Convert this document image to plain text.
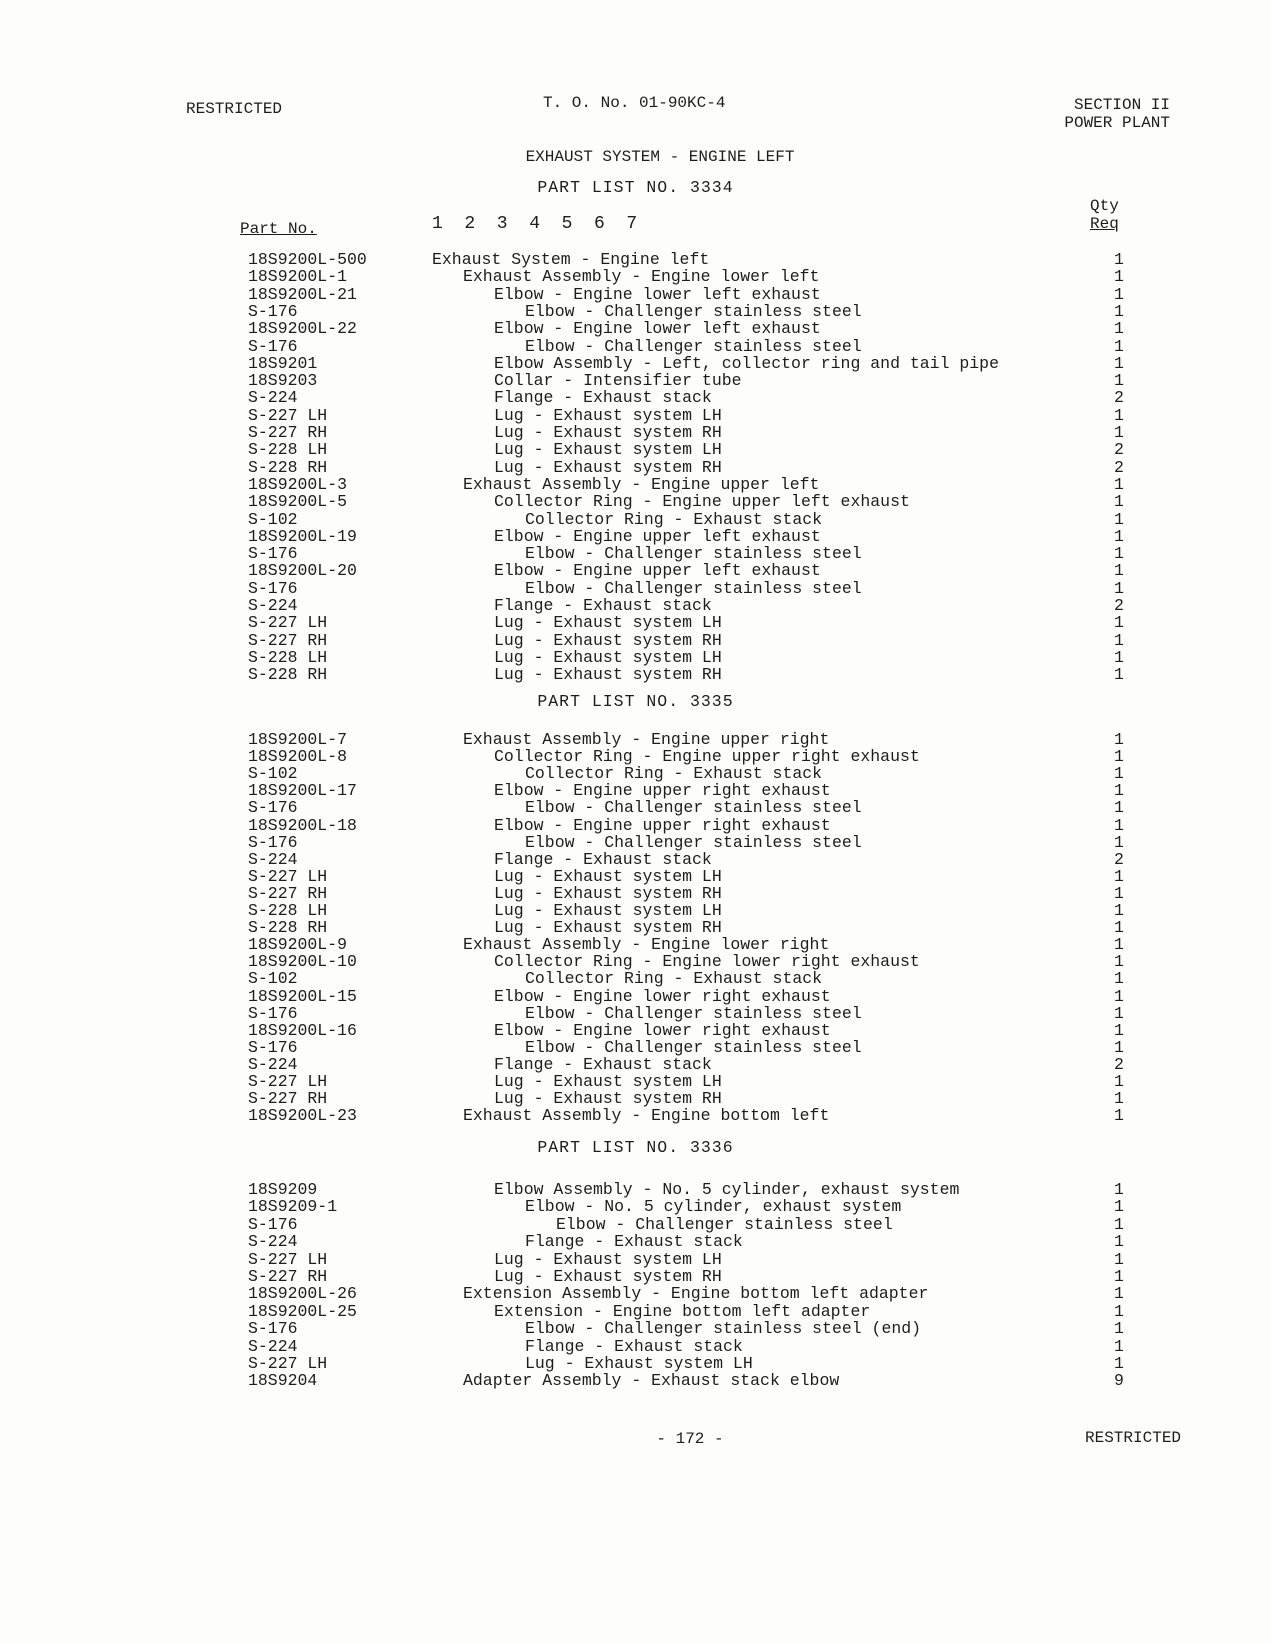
RESTRICTED	T. O. No. 01-90KC-4	SECTION II
POWER PLANT
EXHAUST SYSTEM - ENGINE LEFT
Part No.	1  2  3  4  5  6  7
Qty
Req
PART LIST NO. 3334
18S9200L-500	Exhaust System - Engine left	1
18S9200L-1	Exhaust Assembly - Engine lower left	1
18S9200L-21	Elbow - Engine lower left exhaust	1
S-176	Elbow - Challenger stainless steel	1
18S9200L-22	Elbow - Engine lower left exhaust	1
S-176	Elbow - Challenger stainless steel	1
18S9201	Elbow Assembly - Left, collector ring and tail pipe	1
18S9203	Collar - Intensifier tube	1
S-224	Flange - Exhaust stack	2
S-227 LH	Lug - Exhaust system LH	1
S-227 RH	Lug - Exhaust system RH	1
S-228 LH	Lug - Exhaust system LH	2
S-228 RH	Lug - Exhaust system RH	2
18S9200L-3	Exhaust Assembly - Engine upper left	1
18S9200L-5	Collector Ring - Engine upper left exhaust	1
S-102	Collector Ring - Exhaust stack	1
18S9200L-19	Elbow - Engine upper left exhaust	1
S-176	Elbow - Challenger stainless steel	1
18S9200L-20	Elbow - Engine upper left exhaust	1
S-176	Elbow - Challenger stainless steel	1
S-224	Flange - Exhaust stack	2
S-227 LH	Lug - Exhaust system LH	1
S-227 RH	Lug - Exhaust system RH	1
S-228 LH	Lug - Exhaust system LH	1
S-228 RH	Lug - Exhaust system RH	1
PART LIST NO. 3335
18S9200L-7	Exhaust Assembly - Engine upper right	1
18S9200L-8	Collector Ring - Engine upper right exhaust	1
S-102	Collector Ring - Exhaust stack	1
18S9200L-17	Elbow - Engine upper right exhaust	1
S-176	Elbow - Challenger stainless steel	1
18S9200L-18	Elbow - Engine upper right exhaust	1
S-176	Elbow - Challenger stainless steel	1
S-224	Flange - Exhaust stack	2
S-227 LH	Lug - Exhaust system LH	1
S-227 RH	Lug - Exhaust system RH	1
S-228 LH	Lug - Exhaust system LH	1
S-228 RH	Lug - Exhaust system RH	1
18S9200L-9	Exhaust Assembly - Engine lower right	1
18S9200L-10	Collector Ring - Engine lower right exhaust	1
S-102	Collector Ring - Exhaust stack	1
18S9200L-15	Elbow - Engine lower right exhaust	1
S-176	Elbow - Challenger stainless steel	1
18S9200L-16	Elbow - Engine lower right exhaust	1
S-176	Elbow - Challenger stainless steel	1
S-224	Flange - Exhaust stack	2
S-227 LH	Lug - Exhaust system LH	1
S-227 RH	Lug - Exhaust system RH	1
18S9200L-23	Exhaust Assembly - Engine bottom left	1
PART LIST NO. 3336
18S9209	Elbow Assembly - No. 5 cylinder, exhaust system	1
18S9209-1	Elbow - No. 5 cylinder, exhaust system	1
S-176	Elbow - Challenger stainless steel	1
S-224	Flange - Exhaust stack	1
S-227 LH	Lug - Exhaust system LH	1
S-227 RH	Lug - Exhaust system RH	1
18S9200L-26	Extension Assembly - Engine bottom left adapter	1
18S9200L-25	Extension - Engine bottom left adapter	1
S-176	Elbow - Challenger stainless steel (end)	1
S-224	Flange - Exhaust stack	1
S-227 LH	Lug - Exhaust system LH	1
18S9204	Adapter Assembly - Exhaust stack elbow	9
- 172 -	RESTRICTED
